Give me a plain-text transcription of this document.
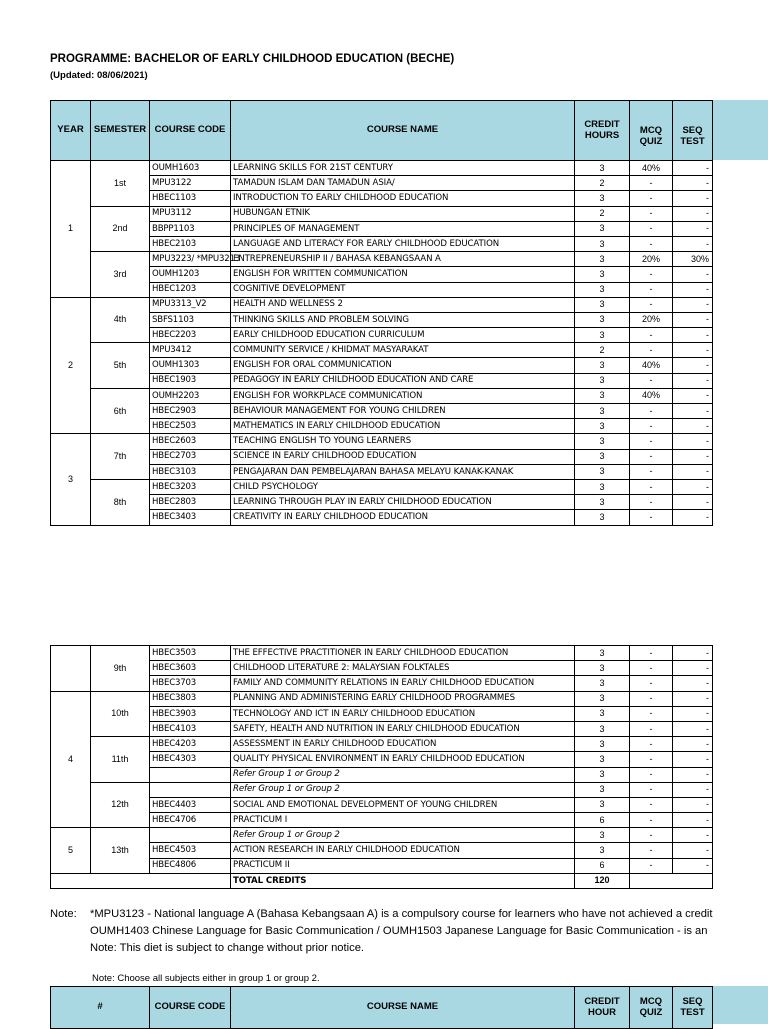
PROGRAMME: BACHELOR OF EARLY CHILDHOOD EDUCATION (BECHE)
(Updated: 08/06/2021)
YEAR	SEMESTER	COURSE CODE	COURSE NAME	CREDIT HOURS	MCQ QUIZ	SEQ TEST
1	1st	OUMH1603	LEARNING SKILLS FOR 21ST CENTURY	3	40%	-
		MPU3122	TAMADUN ISLAM DAN TAMADUN ASIA/	2	-	-
		HBEC1103	INTRODUCTION TO EARLY CHILDHOOD EDUCATION	3	-	-
	2nd	MPU3112	HUBUNGAN ETNIK	2	-	-
		BBPP1103	PRINCIPLES OF MANAGEMENT	3	-	-
		HBEC2103	LANGUAGE AND LITERACY FOR EARLY CHILDHOOD EDUCATION	3	-	-
	3rd	MPU3223/ *MPU3213	ENTREPRENEURSHIP II / BAHASA KEBANGSAAN A	3	20%	30%
		OUMH1203	ENGLISH FOR WRITTEN COMMUNICATION	3	-	-
		HBEC1203	COGNITIVE DEVELOPMENT	3	-	-
2	4th	MPU3313_V2	HEALTH AND WELLNESS 2	3	-	-
		SBFS1103	THINKING SKILLS AND PROBLEM SOLVING	3	20%	-
		HBEC2203	EARLY CHILDHOOD EDUCATION CURRICULUM	3	-	-
	5th	MPU3412	COMMUNITY SERVICE / KHIDMAT MASYARAKAT	2	-	-
		OUMH1303	ENGLISH FOR ORAL COMMUNICATION	3	40%	-
		HBEC1903	PEDAGOGY IN EARLY CHILDHOOD EDUCATION AND CARE	3	-	-
	6th	OUMH2203	ENGLISH FOR WORKPLACE COMMUNICATION	3	40%	-
		HBEC2903	BEHAVIOUR MANAGEMENT FOR YOUNG CHILDREN	3	-	-
		HBEC2503	MATHEMATICS IN EARLY CHILDHOOD EDUCATION	3	-	-
3	7th	HBEC2603	TEACHING ENGLISH TO YOUNG LEARNERS	3	-	-
		HBEC2703	SCIENCE IN EARLY CHILDHOOD EDUCATION	3	-	-
		HBEC3103	PENGAJARAN DAN PEMBELAJARAN BAHASA MELAYU KANAK-KANAK	3	-	-
	8th	HBEC3203	CHILD PSYCHOLOGY	3	-	-
		HBEC2803	LEARNING THROUGH PLAY IN EARLY CHILDHOOD EDUCATION	3	-	-
		HBEC3403	CREATIVITY IN EARLY CHILDHOOD EDUCATION	3	-	-
	9th	HBEC3503	THE EFFECTIVE PRACTITIONER IN EARLY CHILDHOOD EDUCATION	3	-	-
		HBEC3603	CHILDHOOD LITERATURE 2: MALAYSIAN FOLKTALES	3	-	-
		HBEC3703	FAMILY AND COMMUNITY RELATIONS IN EARLY CHILDHOOD EDUCATION	3	-	-
4	10th	HBEC3803	PLANNING AND ADMINISTERING EARLY CHILDHOOD PROGRAMMES	3	-	-
		HBEC3903	TECHNOLOGY AND ICT IN EARLY CHILDHOOD EDUCATION	3	-	-
		HBEC4103	SAFETY, HEALTH AND NUTRITION IN EARLY CHILDHOOD EDUCATION	3	-	-
	11th	HBEC4203	ASSESSMENT IN EARLY CHILDHOOD EDUCATION	3	-	-
		HBEC4303	QUALITY PHYSICAL ENVIRONMENT IN EARLY CHILDHOOD EDUCATION	3	-	-
			Refer Group 1 or Group 2	3	-	-
	12th		Refer Group 1 or Group 2	3	-	-
		HBEC4403	SOCIAL AND EMOTIONAL DEVELOPMENT OF YOUNG CHILDREN	3	-	-
		HBEC4706	PRACTICUM I	6	-	-
5	13th		Refer Group 1 or Group 2	3	-	-
		HBEC4503	ACTION RESEARCH IN EARLY CHILDHOOD EDUCATION	3	-	-
		HBEC4806	PRACTICUM II	6	-	-
			TOTAL CREDITS	120		
Note: *MPU3123 - National language A (Bahasa Kebangsaan A) is a compulsory course for learners who have not achieved a credit
OUMH1403 Chinese Language for Basic Communication / OUMH1503 Japanese Language for Basic Communication - is an
Note: This diet is subject to change without prior notice.
Note: Choose all subjects either in group 1 or group 2.
#	COURSE CODE	COURSE NAME	CREDIT HOUR	MCQ QUIZ	SEQ TEST
